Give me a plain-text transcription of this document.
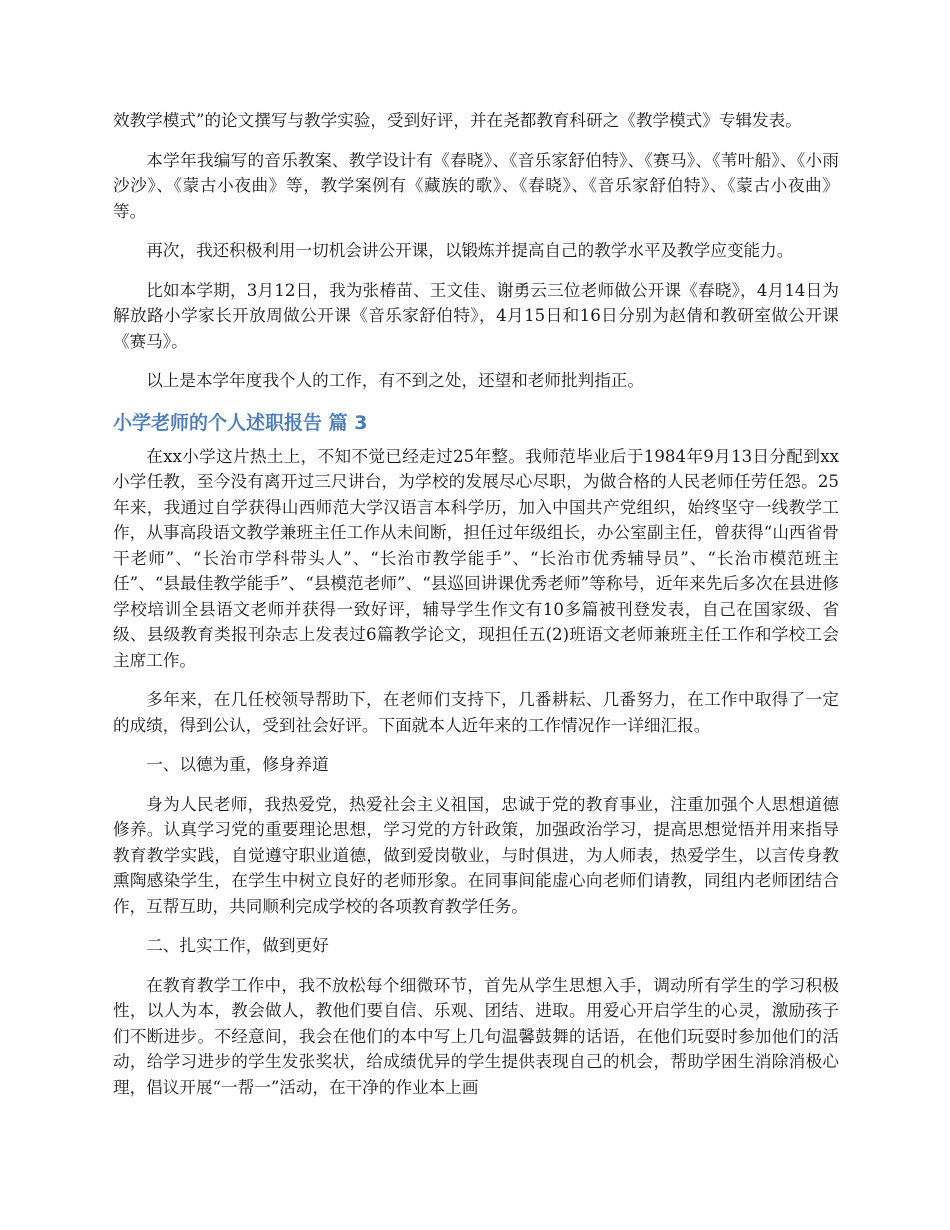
效教学模式”的论文撰写与教学实验，受到好评，并在尧都教育科研之《教学模式》专辑发表。

本学年我编写的音乐教案、教学设计有《春晓》、《音乐家舒伯特》、《赛马》、《苇叶船》、《小雨沙沙》、《蒙古小夜曲》等，教学案例有《藏族的歌》、《春晓》、《音乐家舒伯特》、《蒙古小夜曲》等。

再次，我还积极利用一切机会讲公开课，以锻炼并提高自己的教学水平及教学应变能力。

比如本学期，3月12日，我为张椿苗、王文佳、谢勇云三位老师做公开课《春晓》，4月14日为解放路小学家长开放周做公开课《音乐家舒伯特》，4月15日和16日分别为赵倩和教研室做公开课《赛马》。

以上是本学年度我个人的工作，有不到之处，还望和老师批判指正。

小学老师的个人述职报告 篇 3

在xx小学这片热土上，不知不觉已经走过25年整。我师范毕业后于1984年9月13日分配到xx小学任教，至今没有离开过三尺讲台，为学校的发展尽心尽职，为做合格的人民老师任劳任怨。25年来，我通过自学获得山西师范大学汉语言本科学历，加入中国共产党组织，始终坚守一线教学工作，从事高段语文教学兼班主任工作从未间断，担任过年级组长，办公室副主任，曾获得“山西省骨干老师”、“长治市学科带头人”、“长治市教学能手”、“长治市优秀辅导员”、“长治市模范班主任”、“县最佳教学能手”、“县模范老师”、“县巡回讲课优秀老师”等称号，近年来先后多次在县进修学校培训全县语文老师并获得一致好评，辅导学生作文有10多篇被刊登发表，自己在国家级、省级、县级教育类报刊杂志上发表过6篇教学论文，现担任五(2)班语文老师兼班主任工作和学校工会主席工作。

多年来，在几任校领导帮助下，在老师们支持下，几番耕耘、几番努力，在工作中取得了一定的成绩，得到公认，受到社会好评。下面就本人近年来的工作情况作一详细汇报。

一、以德为重，修身养道

身为人民老师，我热爱党，热爱社会主义祖国，忠诚于党的教育事业，注重加强个人思想道德修养。认真学习党的重要理论思想，学习党的方针政策，加强政治学习，提高思想觉悟并用来指导教育教学实践，自觉遵守职业道德，做到爱岗敬业，与时俱进，为人师表，热爱学生，以言传身教熏陶感染学生，在学生中树立良好的老师形象。在同事间能虚心向老师们请教，同组内老师团结合作，互帮互助，共同顺利完成学校的各项教育教学任务。

二、扎实工作，做到更好

在教育教学工作中，我不放松每个细微环节，首先从学生思想入手，调动所有学生的学习积极性，以人为本，教会做人，教他们要自信、乐观、团结、进取。用爱心开启学生的心灵，激励孩子们不断进步。不经意间，我会在他们的本中写上几句温馨鼓舞的话语，在他们玩耍时参加他们的活动，给学习进步的学生发张奖状，给成绩优异的学生提供表现自己的机会，帮助学困生消除消极心理，倡议开展“一帮一”活动，在干净的作业本上画
